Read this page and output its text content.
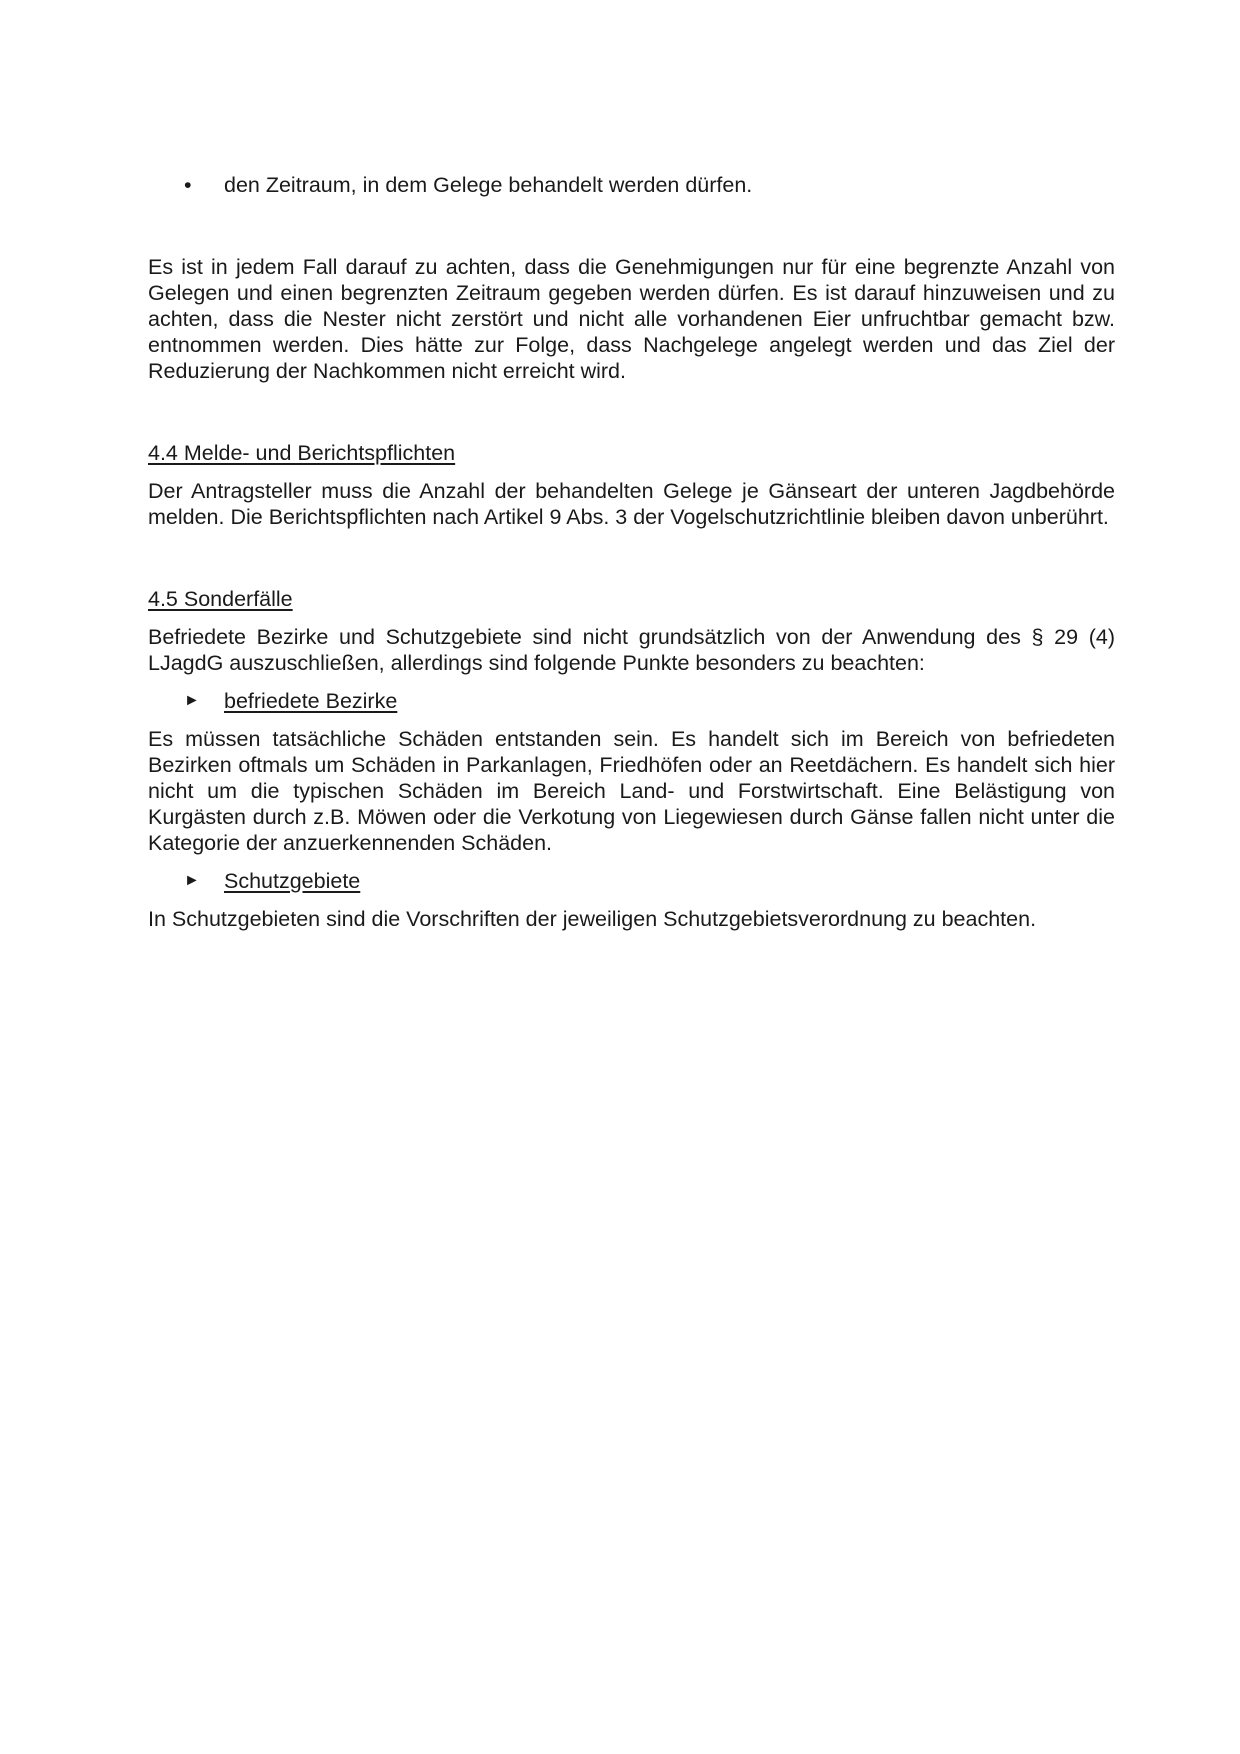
• den Zeitraum, in dem Gelege behandelt werden dürfen.

Es ist in jedem Fall darauf zu achten, dass die Genehmigungen nur für eine begrenzte Anzahl von Gelegen und einen begrenzten Zeitraum gegeben werden dürfen. Es ist darauf hinzuweisen und zu achten, dass die Nester nicht zerstört und nicht alle vorhandenen Eier unfruchtbar gemacht bzw. entnommen werden. Dies hätte zur Folge, dass Nachgelege angelegt werden und das Ziel der Reduzierung der Nachkommen nicht erreicht wird.

4.4 Melde- und Berichtspflichten

Der Antragsteller muss die Anzahl der behandelten Gelege je Gänseart der unteren Jagdbehörde melden. Die Berichtspflichten nach Artikel 9 Abs. 3 der Vogelschutzrichtlinie bleiben davon unberührt.

4.5 Sonderfälle

Befriedete Bezirke und Schutzgebiete sind nicht grundsätzlich von der Anwendung des § 29 (4) LJagdG auszuschließen, allerdings sind folgende Punkte besonders zu beachten:

► befriedete Bezirke

Es müssen tatsächliche Schäden entstanden sein. Es handelt sich im Bereich von befriedeten Bezirken oftmals um Schäden in Parkanlagen, Friedhöfen oder an Reetdächern. Es handelt sich hier nicht um die typischen Schäden im Bereich Land- und Forstwirtschaft. Eine Belästigung von Kurgästen durch z.B. Möwen oder die Verkotung von Liegewiesen durch Gänse fallen nicht unter die Kategorie der anzuerkennenden Schäden.

► Schutzgebiete

In Schutzgebieten sind die Vorschriften der jeweiligen Schutzgebietsverordnung zu beachten.
